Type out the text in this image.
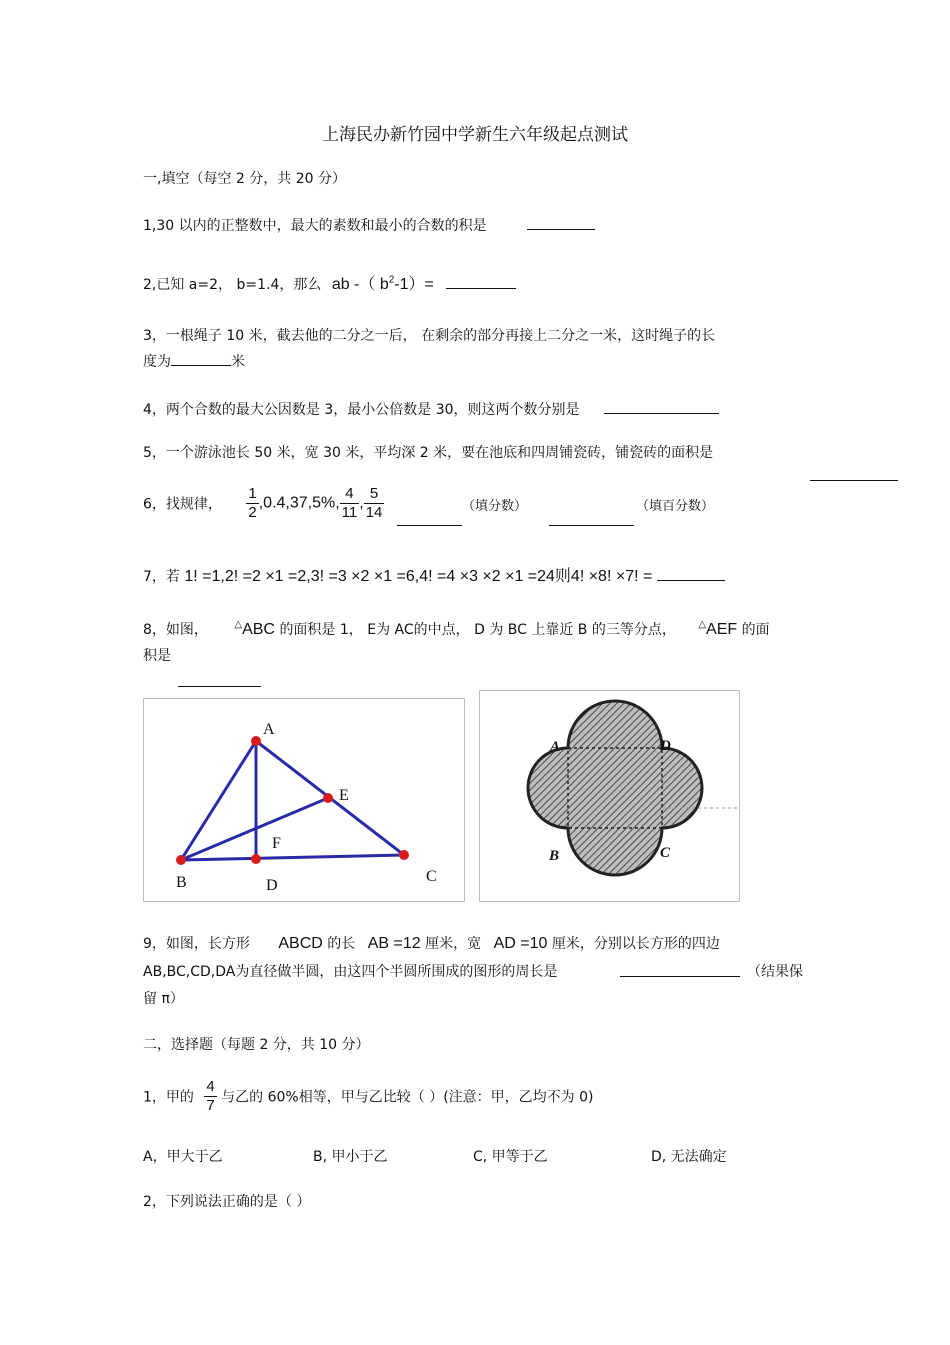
上海民办新竹园中学新生六年级起点测试
一,填空（每空 2 分，共 20 分）
1,30 以内的正整数中，最大的素数和最小的合数的积是
2,已知 a=2， b=1.4，那么 ab -（ $b^2-1)=$
3，一根绳子 10 米，截去他的二分之一后， 在剩余的部分再接上二分之一米，这时绳子的长
度为	米
4，两个合数的最大公因数是 3，最小公倍数是 30，则这两个数分别是
5，一个游泳池长 50 米，宽 30 米，平均深 2 米，要在池底和四周铺瓷砖，铺瓷砖的面积是
6，找规律， $\frac{1}{2} ,0.4,37,5\%$, $\frac{4}{11}$ , $\frac{5}{14}$	（填分数）	（填百分数）
7，若 1! =1,2! =2 ×1 =2,3! =3 ×2 ×1 =6,4! =4 ×3 ×2 ×1 =24则4! ×8! ×7! =
8，如图，	△ABC 的面积是 1， E为 AC的中点， D 为 BC 上靠近 B 的三等分点， △AEF 的面
积是
A
B	C
D
E
F
A
B	C
D
9，如图，长方形 ABCD 的长 AB =12 厘米，宽 AD =10 厘米，分别以长方形的四边
AB,BC,CD,DA为直径做半圆，由这四个半圆所围成的图形的周长是	（结果保
留 π）
二，选择题（每题 2 分，共 10 分）
1，甲的 $\frac{4}{7}$ 与乙的 60%相等，甲与乙比较（ ）(注意：甲，乙均不为 0)
A，甲大于乙	B, 甲小于乙	C, 甲等于乙	D, 无法确定
2，下列说法正确的是（ ）
